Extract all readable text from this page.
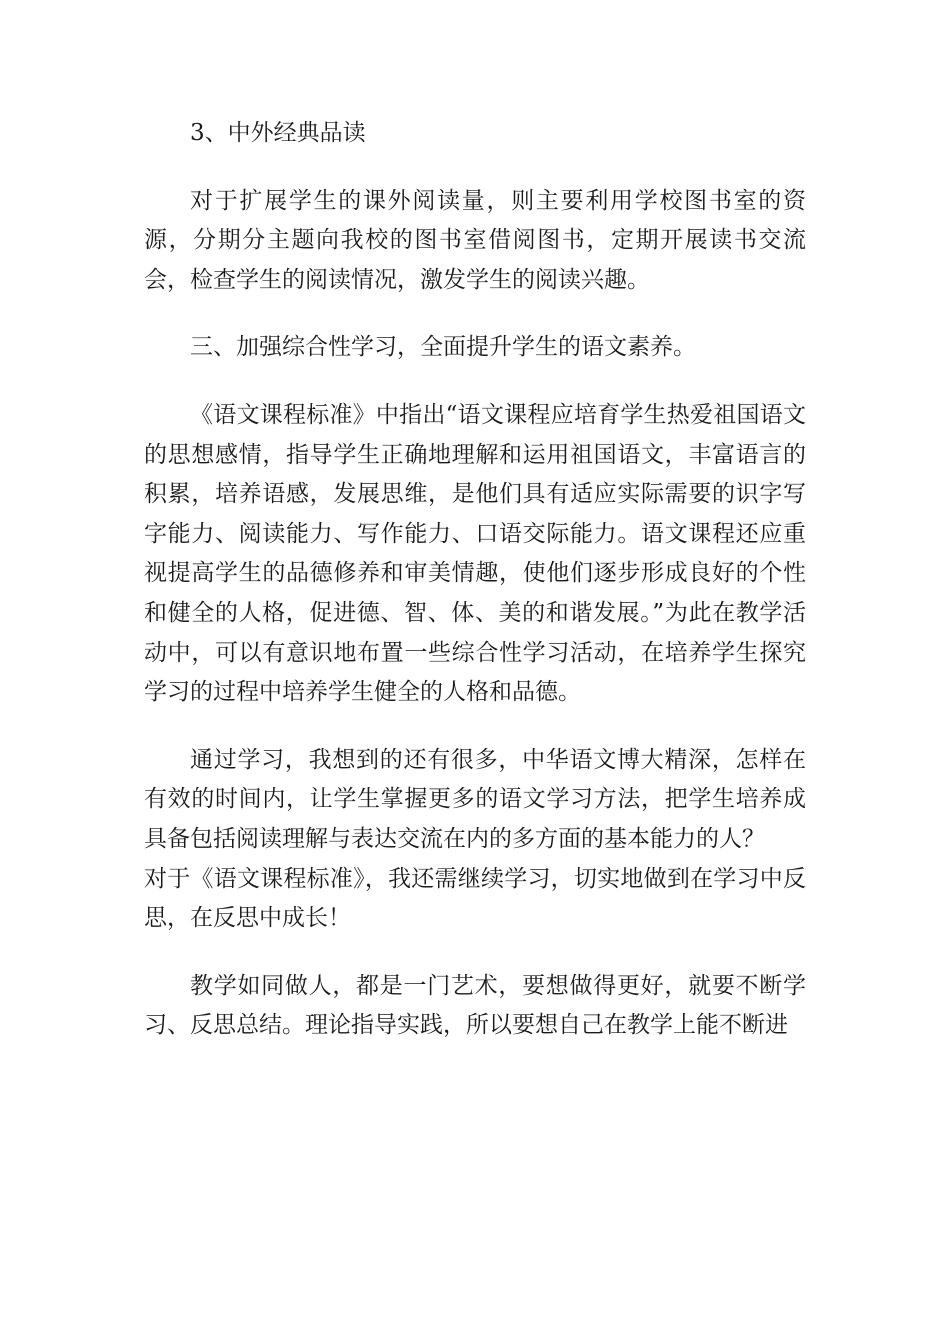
3、中外经典品读

对于扩展学生的课外阅读量，则主要利用学校图书室的资源，分期分主题向我校的图书室借阅图书，定期开展读书交流会，检查学生的阅读情况，激发学生的阅读兴趣。

三、加强综合性学习，全面提升学生的语文素养。

《语文课程标准》中指出“语文课程应培育学生热爱祖国语文的思想感情，指导学生正确地理解和运用祖国语文，丰富语言的积累，培养语感，发展思维，是他们具有适应实际需要的识字写字能力、阅读能力、写作能力、口语交际能力。语文课程还应重视提高学生的品德修养和审美情趣，使他们逐步形成良好的个性和健全的人格，促进德、智、体、美的和谐发展。”为此在教学活动中，可以有意识地布置一些综合性学习活动，在培养学生探究学习的过程中培养学生健全的人格和品德。

通过学习，我想到的还有很多，中华语文博大精深，怎样在有效的时间内，让学生掌握更多的语文学习方法，把学生培养成具备包括阅读理解与表达交流在内的多方面的基本能力的人？

对于《语文课程标准》，我还需继续学习，切实地做到在学习中反思，在反思中成长！

教学如同做人，都是一门艺术，要想做得更好，就要不断学习、反思总结。理论指导实践，所以要想自己在教学上能不断进
